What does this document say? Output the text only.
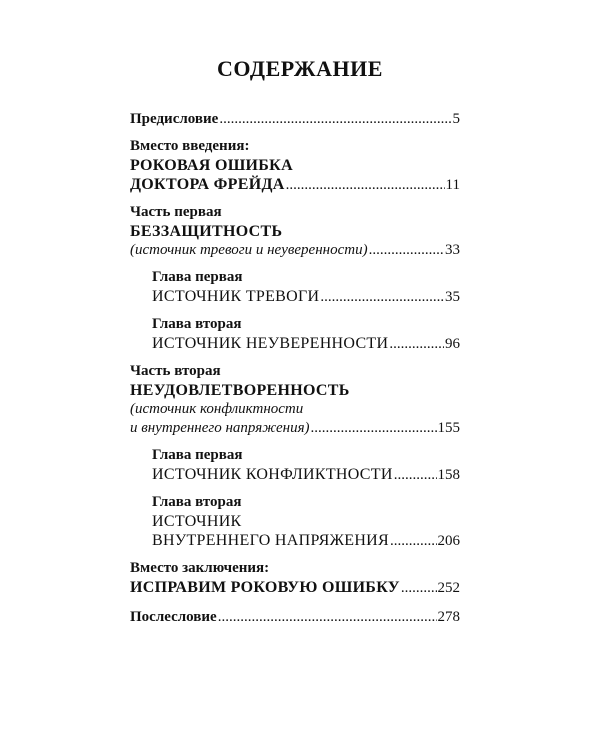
СОДЕРЖАНИЕ
Предисловие .....	5
Вместо введения:
РОКОВАЯ ОШИБКА
ДОКТОРА ФРЕЙДА .....	11
Часть первая
БЕЗЗАЩИТНОСТЬ
(источник тревоги и неуверенности) .....	33
Глава первая
ИСТОЧНИК ТРЕВОГИ .....	35
Глава вторая
ИСТОЧНИК НЕУВЕРЕННОСТИ .....	96
Часть вторая
НЕУДОВЛЕТВОРЕННОСТЬ
(источник конфликтности
и внутреннего напряжения) .....	155
Глава первая
ИСТОЧНИК КОНФЛИКТНОСТИ .....	158
Глава вторая
ИСТОЧНИК
ВНУТРЕННЕГО НАПРЯЖЕНИЯ .....	206
Вместо заключения:
ИСПРАВИМ РОКОВУЮ ОШИБКУ .....	252
Послесловие .....	278
